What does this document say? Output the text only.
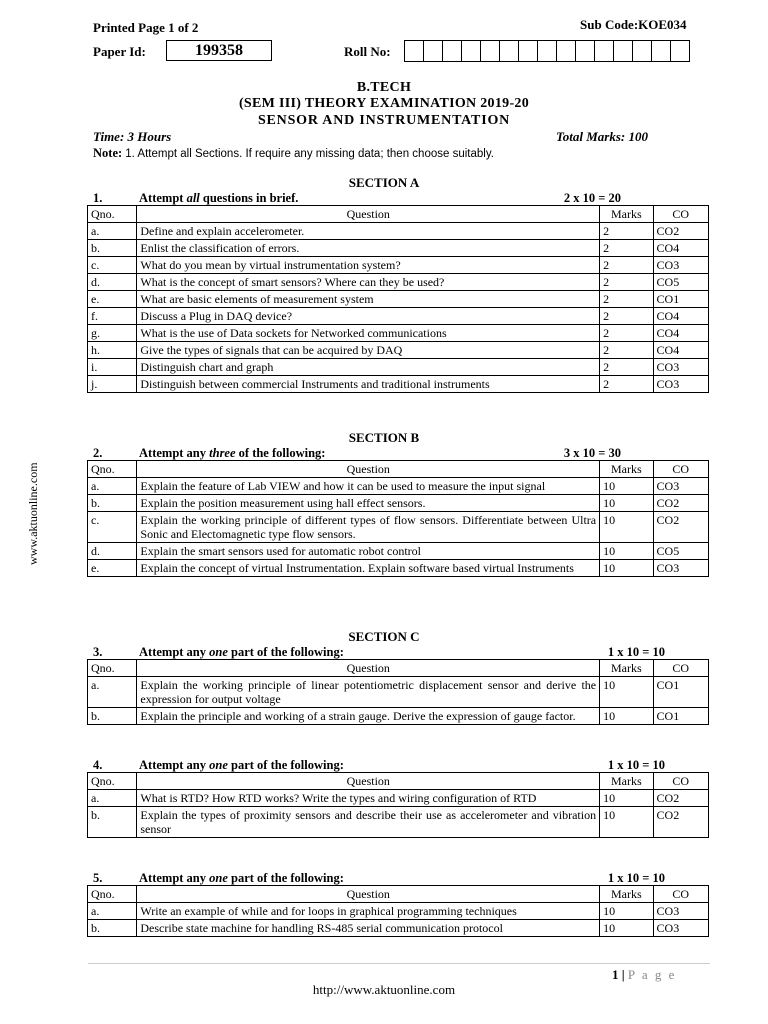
Printed Page 1 of 2	Sub Code:KOE034
Paper Id:	199358	Roll No:
B.TECH
(SEM III) THEORY EXAMINATION 2019-20
SENSOR AND INSTRUMENTATION
Time: 3 Hours	Total Marks: 100
Note: 1. Attempt all Sections. If require any missing data; then choose suitably.
SECTION A
1.	Attempt all questions in brief.	2 x 10 = 20
Qno.	Question	Marks	CO
a.	Define and explain accelerometer.	2	CO2
b.	Enlist the classification of errors.	2	CO4
c.	What do you mean by virtual instrumentation system?	2	CO3
d.	What is the concept of smart sensors? Where can they be used?	2	CO5
e.	What are basic elements of measurement system	2	CO1
f.	Discuss a Plug in DAQ device?	2	CO4
g.	What is the use of Data sockets for Networked communications	2	CO4
h.	Give the types of signals that can be acquired by DAQ	2	CO4
i.	Distinguish chart and graph	2	CO3
j.	Distinguish between commercial Instruments and traditional instruments	2	CO3
SECTION B
2.	Attempt any three of the following:	3 x 10 = 30
Qno.	Question	Marks	CO
a.	Explain the feature of Lab VIEW and how it can be used to measure the input signal	10	CO3
b.	Explain the position measurement using hall effect sensors.	10	CO2
c.	Explain the working principle of different types of flow sensors. Differentiate between Ultra Sonic and Electomagnetic type flow sensors.	10	CO2
d.	Explain the smart sensors used for automatic robot control	10	CO5
e.	Explain the concept of virtual Instrumentation. Explain software based virtual Instruments	10	CO3
SECTION C
3.	Attempt any one part of the following:	1 x 10 = 10
Qno.	Question	Marks	CO
a.	Explain the working principle of linear potentiometric displacement sensor and derive the expression for output voltage	10	CO1
b.	Explain the principle and working of a strain gauge. Derive the expression of gauge factor.	10	CO1
4.	Attempt any one part of the following:	1 x 10 = 10
Qno.	Question	Marks	CO
a.	What is RTD? How RTD works? Write the types and wiring configuration of RTD	10	CO2
b.	Explain the types of proximity sensors and describe their use as accelerometer and vibration sensor	10	CO2
5.	Attempt any one part of the following:	1 x 10 = 10
Qno.	Question	Marks	CO
a.	Write an example of while and for loops in graphical programming techniques	10	CO3
b.	Describe state machine for handling RS-485 serial communication protocol	10	CO3
www.aktuonline.com
1 | P a g e
http://www.aktuonline.com
